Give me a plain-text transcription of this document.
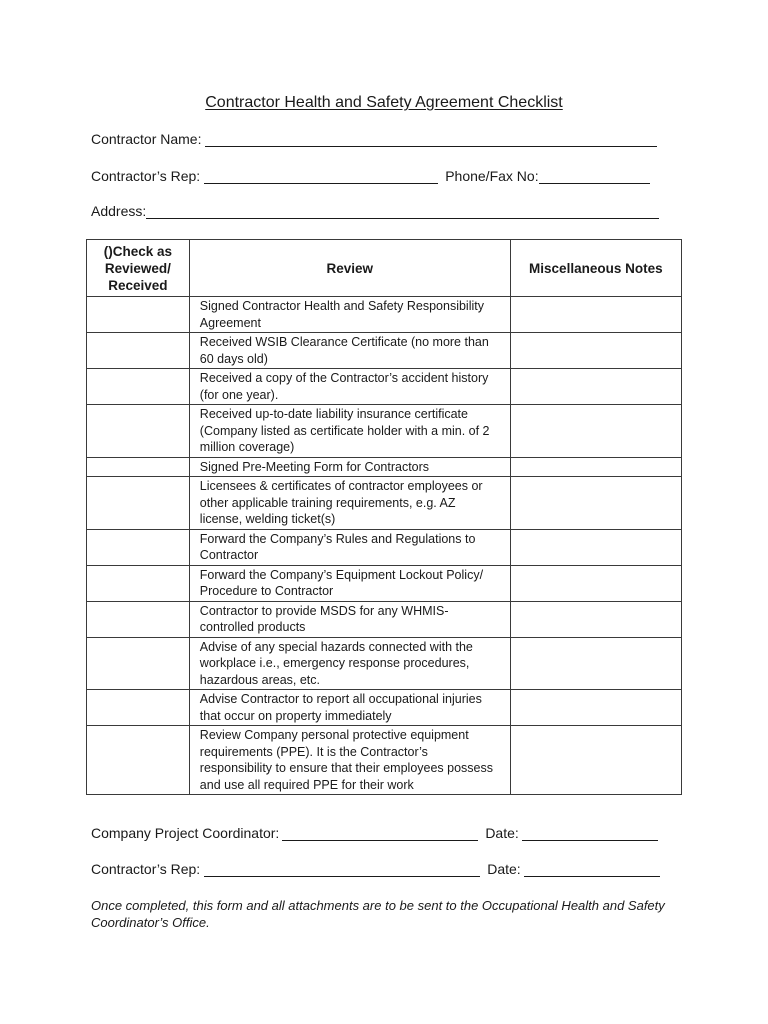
Contractor Health and Safety Agreement Checklist
Contractor Name:
Contractor’s Rep:	Phone/Fax No:
Address:
()Check as Reviewed/ Received	Review	Miscellaneous Notes
	Signed Contractor Health and Safety Responsibility Agreement	
	Received WSIB Clearance Certificate (no more than 60 days old)	
	Received a copy of the Contractor’s accident history (for one year).	
	Received up-to-date liability insurance certificate (Company listed as certificate holder with a min. of 2 million coverage)	
	Signed Pre-Meeting Form for Contractors	
	Licensees & certificates of contractor employees or other applicable training requirements, e.g. AZ license, welding ticket(s)	
	Forward the Company’s Rules and Regulations to Contractor	
	Forward the Company’s Equipment Lockout Policy/ Procedure to Contractor	
	Contractor to provide MSDS for any WHMIS-controlled products	
	Advise of any special hazards connected with the workplace i.e., emergency response procedures, hazardous areas, etc.	
	Advise Contractor to report all occupational injuries that occur on property immediately	
	Review Company personal protective equipment requirements (PPE). It is the Contractor’s responsibility to ensure that their employees possess and use all required PPE for their work	
Company Project Coordinator:	Date:
Contractor’s Rep:	Date:
Once completed, this form and all attachments are to be sent to the Occupational Health and Safety Coordinator’s Office.
